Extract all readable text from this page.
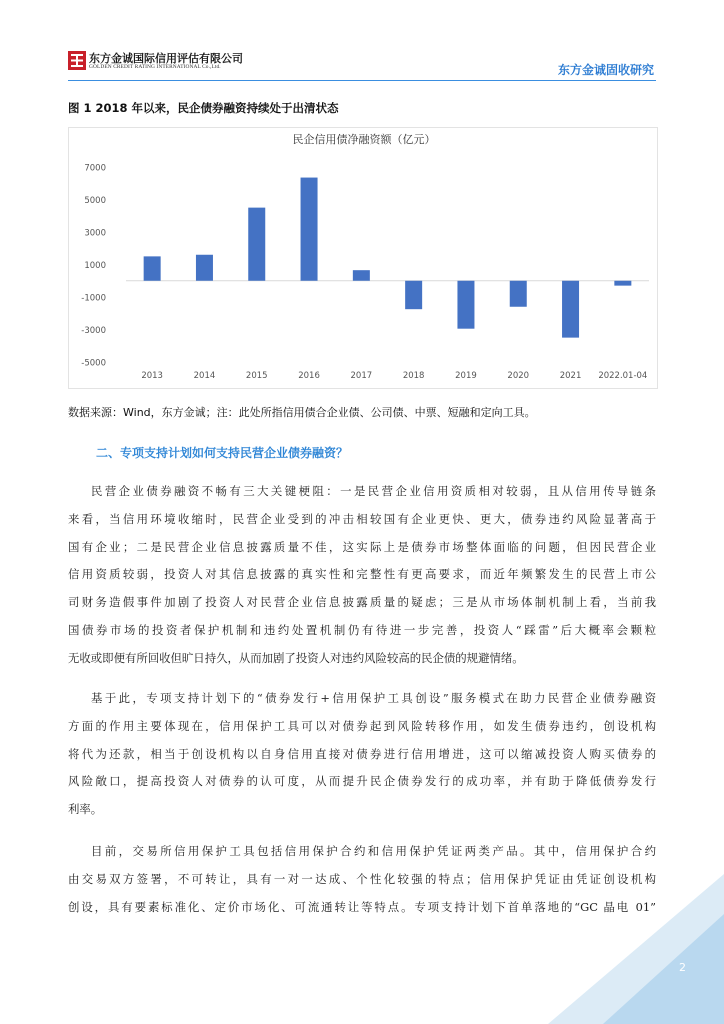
东方金诚国际信用评估有限公司
GOLDEN CREDIT RATING INTERNATIONAL Co.,Ltd.	东方金诚固收研究
图 1 2018 年以来，民企债券融资持续处于出清状态
民企信用债净融资额（亿元）
7000
5000
3000
1000
-1000
-3000
-5000
2013	2014	2015	2016	2017	2018	2019	2020	2021 2022.01-04
数据来源：Wind，东方金诚；注：此处所指信用债合企业债、公司债、中票、短融和定向工具。
二、专项支持计划如何支持民营企业债券融资？
民营企业债券融资不畅有三大关键梗阻：一是民营企业信用资质相对较弱，且从信用传导链条
来看，当信用环境收缩时，民营企业受到的冲击相较国有企业更快、更大，债券违约风险显著高于
国有企业；二是民营企业信息披露质量不佳，这实际上是债券市场整体面临的问题，但因民营企业
信用资质较弱，投资人对其信息披露的真实性和完整性有更高要求，而近年频繁发生的民营上市公
司财务造假事件加剧了投资人对民营企业信息披露质量的疑虑；三是从市场体制机制上看，当前我
国债券市场的投资者保护机制和违约处置机制仍有待进一步完善，投资人“踩雷”后大概率会颗粒
无收或即便有所回收但旷日持久，从而加剧了投资人对违约风险较高的民企债的规避情绪。
基于此，专项支持计划下的“债券发行+信用保护工具创设”服务模式在助力民营企业债券融资
方面的作用主要体现在，信用保护工具可以对债券起到风险转移作用，如发生债券违约，创设机构
将代为还款，相当于创设机构以自身信用直接对债券进行信用增进，这可以缩减投资人购买债券的
风险敞口，提高投资人对债券的认可度，从而提升民企债券发行的成功率，并有助于降低债券发行
利率。
目前，交易所信用保护工具包括信用保护合约和信用保护凭证两类产品。其中，信用保护合约
由交易双方签署，不可转让，具有一对一达成、个性化较强的特点；信用保护凭证由凭证创设机构
创设，具有要素标准化、定价市场化、可流通转让等特点。专项支持计划下首单落地的“GC 晶电 01”
2
